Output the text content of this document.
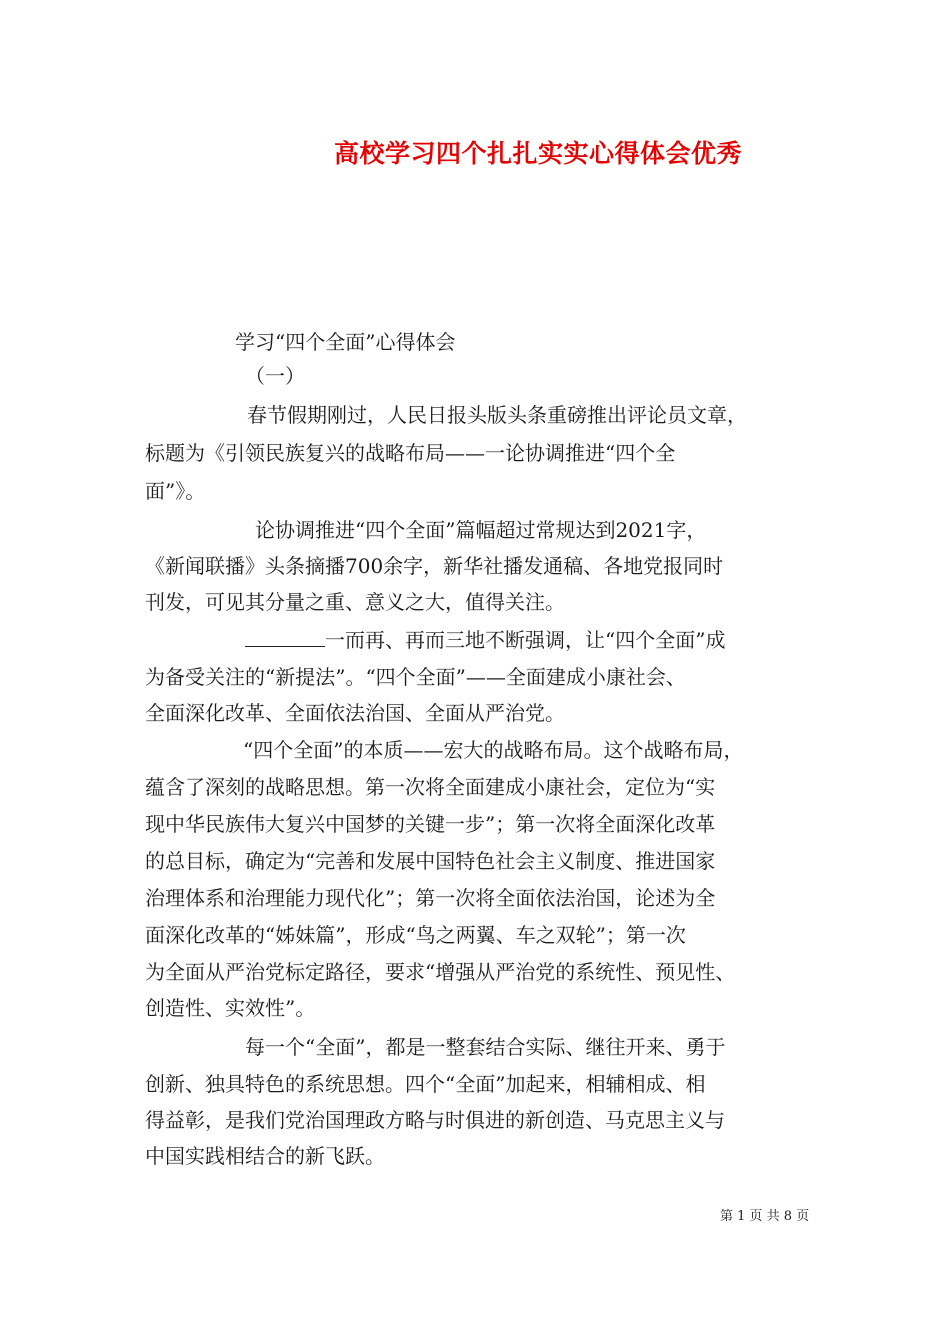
高校学习四个扎扎实实心得体会优秀
学习“四个全面”心得体会
（一）
春节假期刚过，人民日报头版头条重磅推出评论员文章，
标题为《引领民族复兴的战略布局——一论协调推进“四个全
面”》。
论协调推进“四个全面”篇幅超过常规达到2021字，
《新闻联播》头条摘播700余字，新华社播发通稿、各地党报同时
刊发，可见其分量之重、意义之大，值得关注。
一而再、再而三地不断强调，让“四个全面”成
为备受关注的“新提法”。“四个全面”——全面建成小康社会、
全面深化改革、全面依法治国、全面从严治党。
“四个全面”的本质——宏大的战略布局。这个战略布局，
蕴含了深刻的战略思想。第一次将全面建成小康社会，定位为“实
现中华民族伟大复兴中国梦的关键一步”；第一次将全面深化改革
的总目标，确定为“完善和发展中国特色社会主义制度、推进国家
治理体系和治理能力现代化”；第一次将全面依法治国，论述为全
面深化改革的“姊妹篇”，形成“鸟之两翼、车之双轮”；第一次
为全面从严治党标定路径，要求“增强从严治党的系统性、预见性、
创造性、实效性”。
每一个“全面”，都是一整套结合实际、继往开来、勇于
创新、独具特色的系统思想。四个“全面”加起来，相辅相成、相
得益彰，是我们党治国理政方略与时俱进的新创造、马克思主义与
中国实践相结合的新飞跃。
第 1 页 共 8 页
